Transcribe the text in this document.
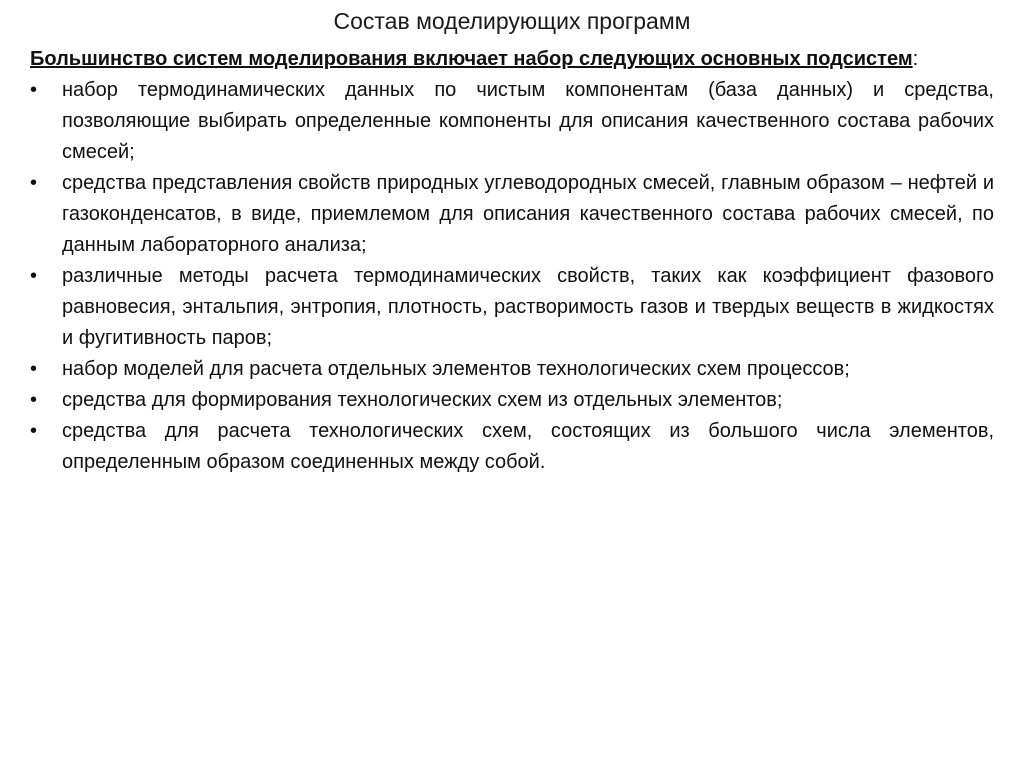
Состав моделирующих программ

Большинство систем моделирования включает набор следующих основных подсистем:

•	набор термодинамических данных по чистым компонентам (база данных) и средства, позволяющие выбирать определенные компоненты для описания качественного состава рабочих смесей;
•	средства представления свойств природных углеводородных смесей, главным образом – нефтей и газоконденсатов, в виде, приемлемом для описания качественного состава рабочих смесей, по данным лабораторного анализа;
•	различные методы расчета термодинамических свойств, таких как коэффициент фазового равновесия, энтальпия, энтропия, плотность, растворимость газов и твердых веществ в жидкостях и фугитивность паров;
•	набор моделей для расчета отдельных элементов технологических схем процессов;
•	средства для формирования технологических схем из отдельных элементов;
•	средства для расчета технологических схем, состоящих из большого числа элементов, определенным образом соединенных между собой.
